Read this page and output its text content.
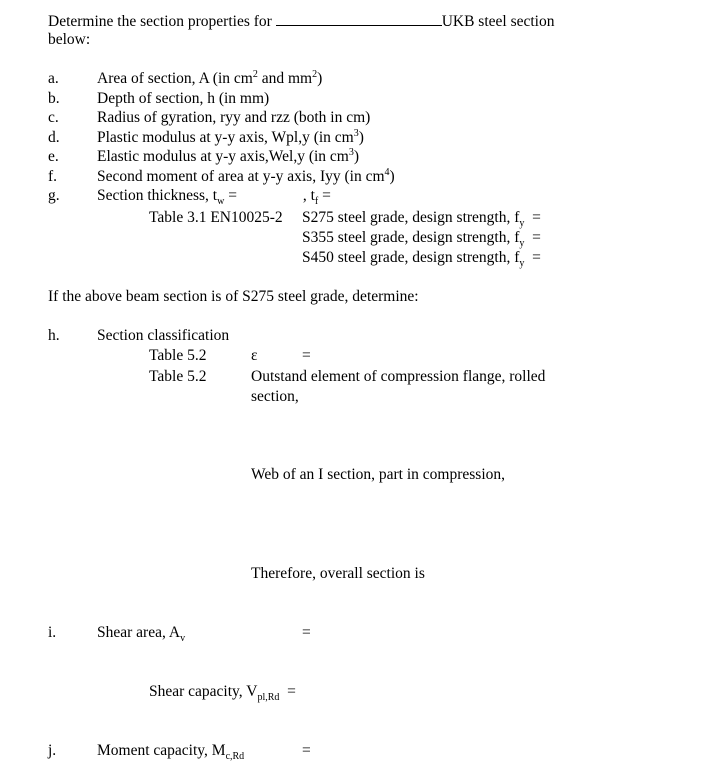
Determine the section properties for	UKB steel section
below:
a. Area of section, A (in $cm^2$ and $mm^2$)
b. Depth of section, h (in mm)
c. Radius of gyration, ryy and rzz (both in cm)
d. Plastic modulus at y-y axis, Wpl,y (in $cm^3$)
e. Elastic modulus at y-y axis,Wel,y (in $cm^3$)
f.	Second moment of area at y-y axis, Iyy (in $cm^4$)
g. Section thickness, $t_w$ =                 , $t_f$ =
Table 3.1 EN10025-2 S275 steel grade, design strength, $f_y$  =
S355 steel grade, design strength, $f_y$  =
S450 steel grade, design strength, $f_y$  =
If the above beam section is of S275 steel grade, determine:
h. Section classification
Table 5.2	ε	=
Table 5.2	Outstand element of compression flange, rolled
section,
Web of an I section, part in compression,
Therefore, overall section is
i.	Shear area, $A_v$	=
Shear capacity, $V_{pl,Rd}$  =
j.	Moment capacity, $M_{c,Rd}$	=
